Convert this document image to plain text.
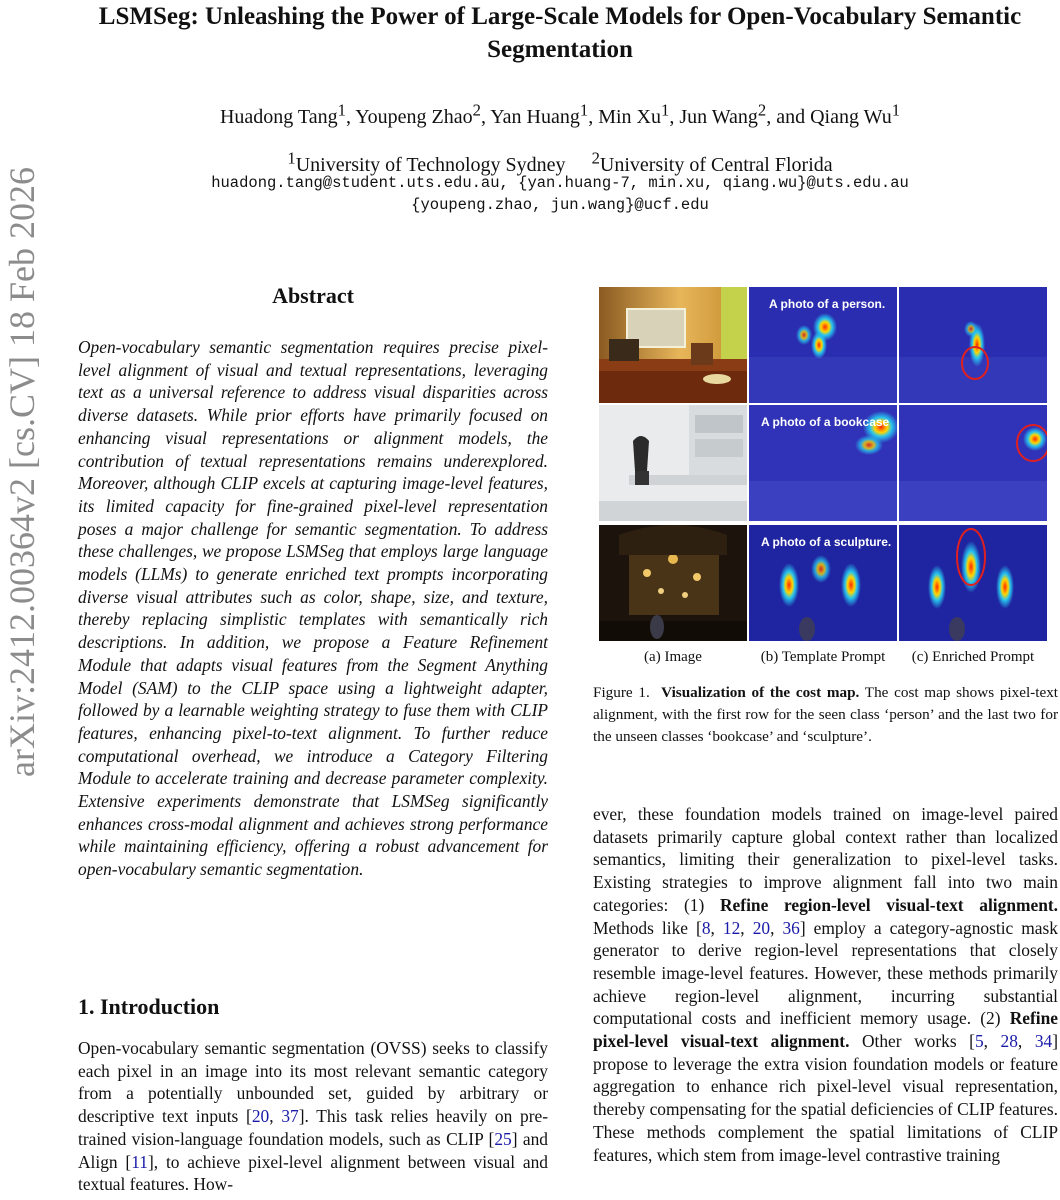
LSMSeg: Unleashing the Power of Large-Scale Models for Open-Vocabulary Semantic Segmentation
Huadong Tang$^1$, Youpeng Zhao$^2$, Yan Huang$^1$, Min Xu$^1$, Jun Wang$^2$, and Qiang Wu$^1$
$^1$University of Technology Sydney $^2$University of Central Florida
huadong.tang@student.uts.edu.au, {yan.huang-7, min.xu, qiang.wu}@uts.edu.au
{youpeng.zhao, jun.wang}@ucf.edu
arXiv:2412.00364v2 [cs.CV] 18 Feb 2026	Abstract
Open-vocabulary semantic segmentation requires precise pixel-level alignment of visual and textual representations, leveraging text as a universal reference to address visual disparities across diverse datasets. While prior efforts have primarily focused on enhancing visual representations or alignment models, the contribution of textual representations remains underexplored. Moreover, although CLIP excels at capturing image-level features, its limited capacity for fine-grained pixel-level representation poses a major challenge for semantic segmentation. To address these challenges, we propose LSMSeg that employs large language models (LLMs) to generate enriched text prompts incorporating diverse visual attributes such as color, shape, size, and texture, thereby replacing simplistic templates with semantically rich descriptions. In addition, we propose a Feature Refinement Module that adapts visual features from the Segment Anything Model (SAM) to the CLIP space using a lightweight adapter, followed by a learnable weighting strategy to fuse them with CLIP features, enhancing pixel-to-text alignment. To further reduce computational overhead, we introduce a Category Filtering Module to accelerate training and decrease parameter complexity. Extensive experiments demonstrate that LSMSeg significantly enhances cross-modal alignment and achieves strong performance while maintaining efficiency, offering a robust advancement for open-vocabulary semantic segmentation.
1. Introduction
Open-vocabulary semantic segmentation (OVSS) seeks to classify each pixel in an image into its most relevant semantic category from a potentially unbounded set, guided by arbitrary or descriptive text inputs [20, 37]. This task relies heavily on pre-trained vision-language foundation models, such as CLIP [25] and Align [11], to achieve pixel-level alignment between visual and textual features. How-
A photo of a person.
A photo of a bookcase
A photo of a sculpture.
(a) Image	(b) Template Prompt	(c) Enriched Prompt
Figure 1. Visualization of the cost map. The cost map shows pixel-text alignment, with the first row for the seen class ‘person’ and the last two for the unseen classes ‘bookcase’ and ‘sculpture’.
ever, these foundation models trained on image-level paired datasets primarily capture global context rather than localized semantics, limiting their generalization to pixel-level tasks. Existing strategies to improve alignment fall into two main categories: (1) Refine region-level visual-text alignment. Methods like [8, 12, 20, 36] employ a category-agnostic mask generator to derive region-level representations that closely resemble image-level features. However, these methods primarily achieve region-level alignment, incurring substantial computational costs and inefficient memory usage. (2) Refine pixel-level visual-text alignment. Other works [5, 28, 34] propose to leverage the extra vision foundation models or feature aggregation to enhance rich pixel-level visual representation, thereby compensating for the spatial deficiencies of CLIP features. These methods complement the spatial limitations of CLIP features, which stem from image-level contrastive training
